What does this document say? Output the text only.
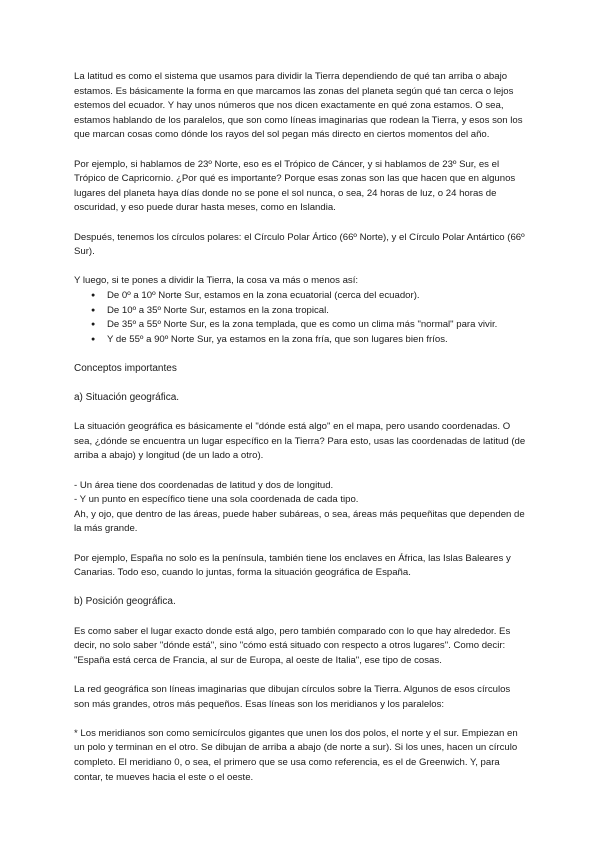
La latitud es como el sistema que usamos para dividir la Tierra dependiendo de qué tan arriba o abajo estamos. Es básicamente la forma en que marcamos las zonas del planeta según qué tan cerca o lejos estemos del ecuador. Y hay unos números que nos dicen exactamente en qué zona estamos. O sea, estamos hablando de los paralelos, que son como líneas imaginarias que rodean la Tierra, y esos son los que marcan cosas como dónde los rayos del sol pegan más directo en ciertos momentos del año.

Por ejemplo, si hablamos de 23º Norte, eso es el Trópico de Cáncer, y si hablamos de 23º Sur, es el Trópico de Capricornio. ¿Por qué es importante? Porque esas zonas son las que hacen que en algunos lugares del planeta haya días donde no se pone el sol nunca, o sea, 24 horas de luz, o 24 horas de oscuridad, y eso puede durar hasta meses, como en Islandia.

Después, tenemos los círculos polares: el Círculo Polar Ártico (66º Norte), y el Círculo Polar Antártico (66º Sur).

Y luego, si te pones a dividir la Tierra, la cosa va más o menos así:

● De 0º a 10º Norte Sur, estamos en la zona ecuatorial (cerca del ecuador).
● De 10º a 35º Norte Sur, estamos en la zona tropical.
● De 35º a 55º Norte Sur, es la zona templada, que es como un clima más "normal" para vivir.
● Y de 55º a 90º Norte Sur, ya estamos en la zona fría, que son lugares bien fríos.

Conceptos importantes

a) Situación geográfica.

La situación geográfica es básicamente el "dónde está algo" en el mapa, pero usando coordenadas. O sea, ¿dónde se encuentra un lugar específico en la Tierra? Para esto, usas las coordenadas de latitud (de arriba a abajo) y longitud (de un lado a otro).

- Un área tiene dos coordenadas de latitud y dos de longitud.

- Y un punto en específico tiene una sola coordenada de cada tipo.

Ah, y ojo, que dentro de las áreas, puede haber subáreas, o sea, áreas más pequeñitas que dependen de la más grande.

Por ejemplo, España no solo es la península, también tiene los enclaves en África, las Islas Baleares y Canarias. Todo eso, cuando lo juntas, forma la situación geográfica de España.

b) Posición geográfica.

Es como saber el lugar exacto donde está algo, pero también comparado con lo que hay alrededor. Es decir, no solo saber "dónde está", sino "cómo está situado con respecto a otros lugares". Como decir: "España está cerca de Francia, al sur de Europa, al oeste de Italia", ese tipo de cosas.

La red geográfica son líneas imaginarias que dibujan círculos sobre la Tierra. Algunos de esos círculos son más grandes, otros más pequeños. Esas líneas son los meridianos y los paralelos:

* Los meridianos son como semicírculos gigantes que unen los dos polos, el norte y el sur. Empiezan en un polo y terminan en el otro. Se dibujan de arriba a abajo (de norte a sur). Si los unes, hacen un círculo completo. El meridiano 0, o sea, el primero que se usa como referencia, es el de Greenwich. Y, para contar, te mueves hacia el este o el oeste.
